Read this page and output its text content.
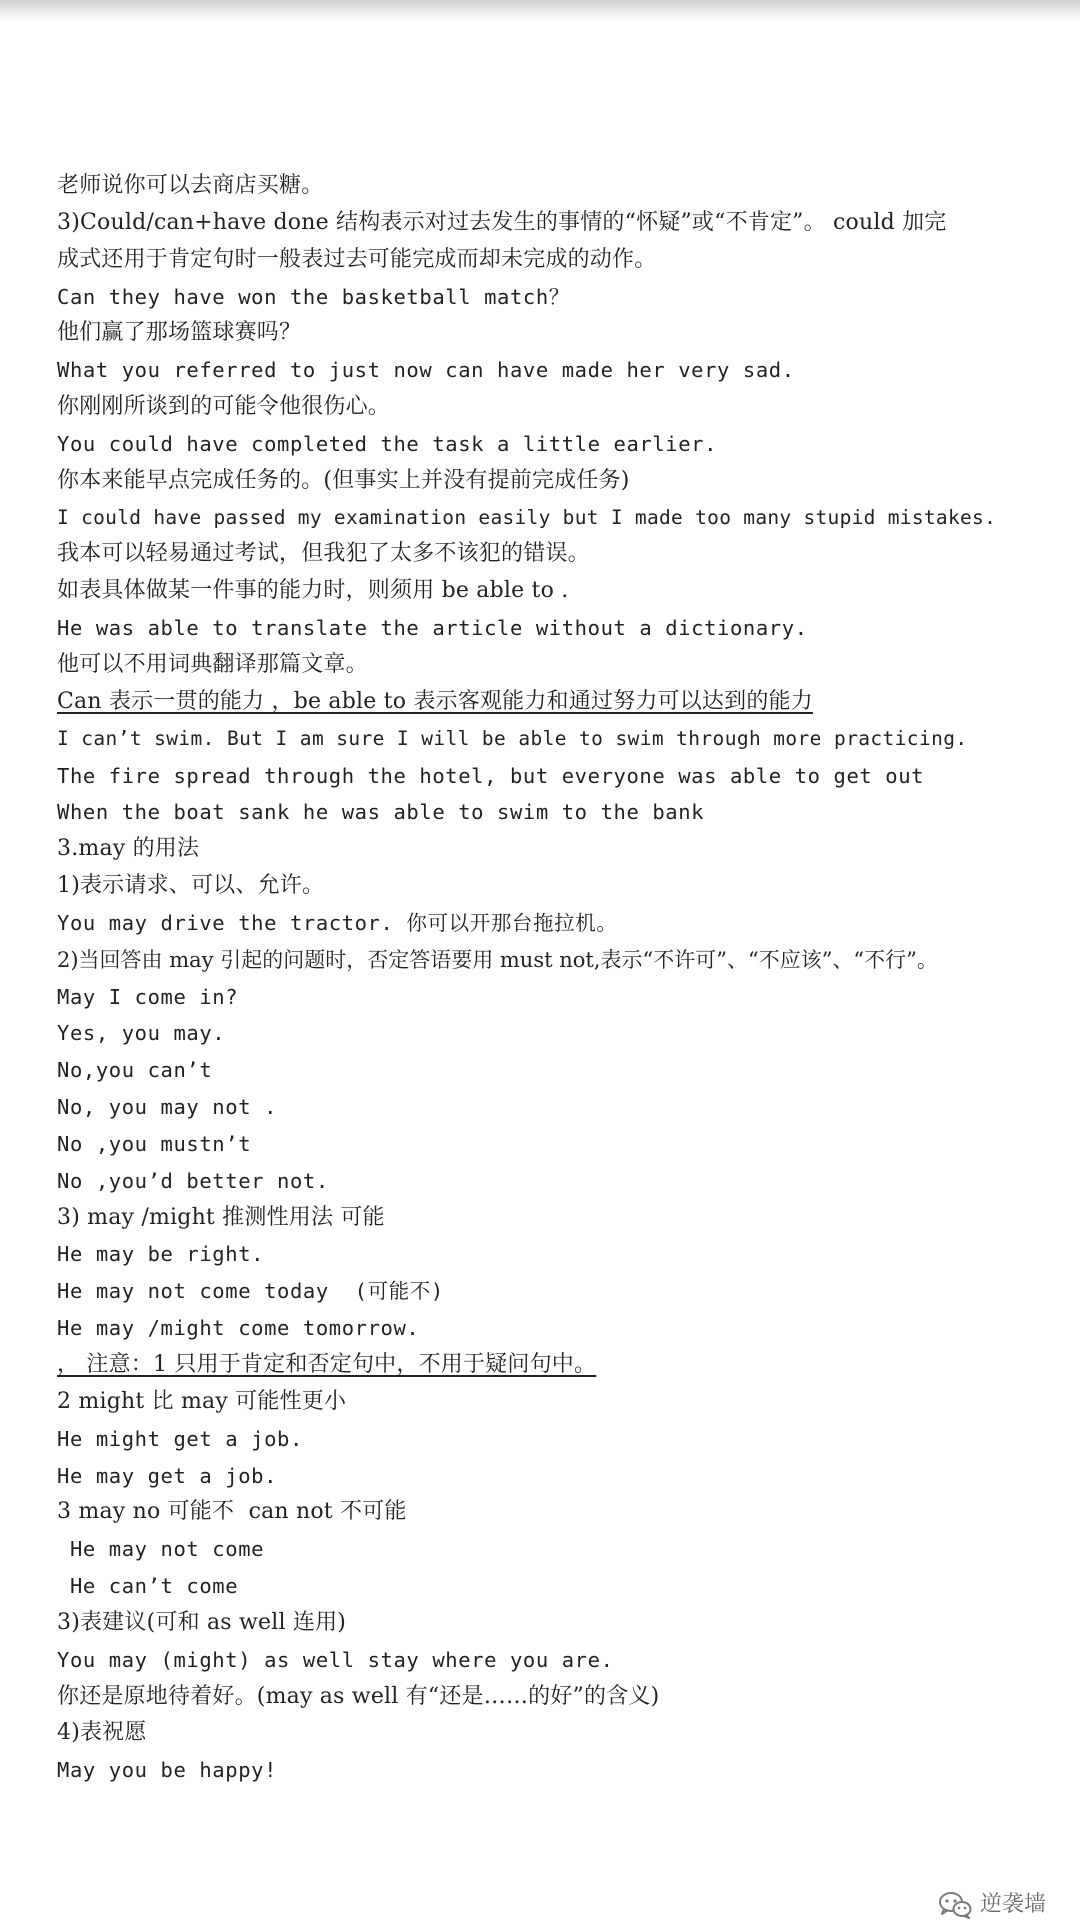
老师说你可以去商店买糖。
3)Could/can+have done 结构表示对过去发生的事情的“怀疑”或“不肯定”。 could 加完
成式还用于肯定句时一般表过去可能完成而却未完成的动作。
Can they have won the basketball match？
他们赢了那场篮球赛吗？
What you referred to just now can have made her very sad.
你刚刚所谈到的可能令他很伤心。
You could have completed the task a little earlier.
你本来能早点完成任务的。(但事实上并没有提前完成任务)
I could have passed my examination easily but I made too many stupid mistakes.
我本可以轻易通过考试，但我犯了太多不该犯的错误。
如表具体做某一件事的能力时，则须用 be able to .
He was able to translate the article without a dictionary.
他可以不用词典翻译那篇文章。
Can 表示一贯的能力 ，be able to 表示客观能力和通过努力可以达到的能力
I can’t swim. But I am sure I will be able to swim through more practicing.
The fire spread through the hotel, but everyone was able to get out
When the boat sank he was able to swim to the bank
3.may 的用法
1)表示请求、可以、允许。
You may drive the tractor. 你可以开那台拖拉机。
2)当回答由 may 引起的问题时，否定答语要用 must not,表示“不许可”、“不应该”、“不行”。
May I come in?
Yes, you may.
No,you can’t
No, you may not .
No ,you mustn’t
No ,you’d better not.
3) may /might 推测性用法 可能
He may be right.
He may not come today  (可能不)
He may /might come tomorrow.
， 注意：1 只用于肯定和否定句中，不用于疑问句中。
2 might 比 may 可能性更小
He might get a job.
He may get a job.
3 may no 可能不  can not 不可能
He may not come
He can’t come
3)表建议(可和 as well 连用)
You may (might) as well stay where you are.
你还是原地待着好。(may as well 有“还是……的好”的含义)
4)表祝愿
May you be happy!
逆袭墙
